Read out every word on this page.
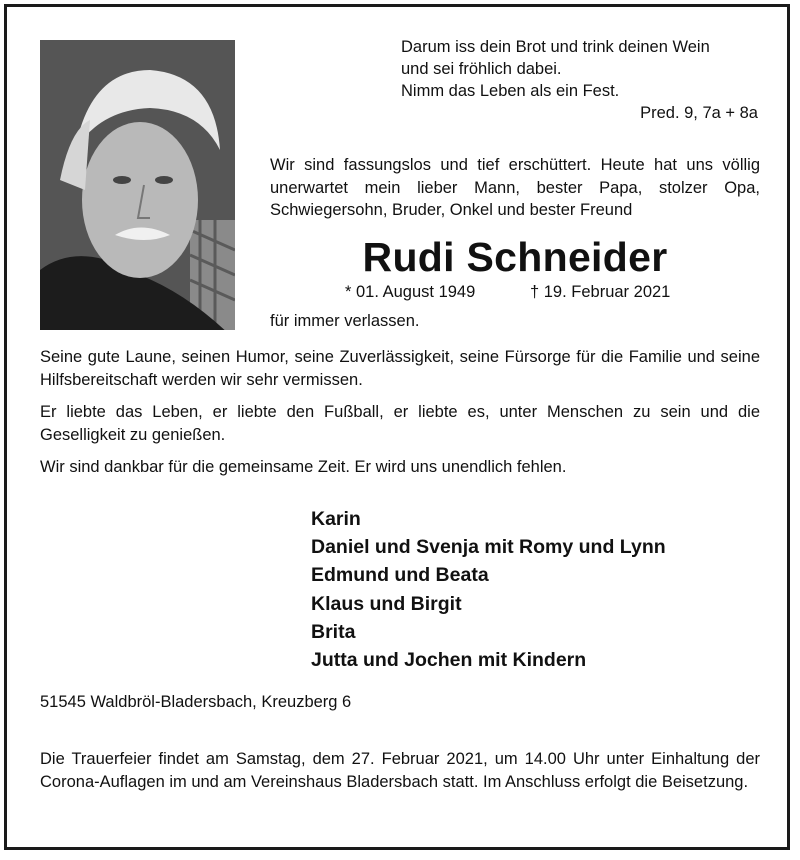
Darum iss dein Brot und trink deinen Wein
und sei fröhlich dabei.
Nimm das Leben als ein Fest.
Pred. 9, 7a + 8a

Wir sind fassungslos und tief erschüttert. Heute hat uns völlig unerwartet mein lieber Mann, bester Papa, stolzer Opa, Schwiegersohn, Bruder, Onkel und bester Freund

Rudi Schneider
* 01. August 1949	† 19. Februar 2021
für immer verlassen.

Seine gute Laune, seinen Humor, seine Zuverlässigkeit, seine Fürsorge für die Familie und seine Hilfsbereitschaft werden wir sehr vermissen.

Er liebte das Leben, er liebte den Fußball, er liebte es, unter Menschen zu sein und die Geselligkeit zu genießen.

Wir sind dankbar für die gemeinsame Zeit. Er wird uns unendlich fehlen.

Karin
Daniel und Svenja mit Romy und Lynn
Edmund und Beata
Klaus und Birgit
Brita
Jutta und Jochen mit Kindern
51545 Waldbröl-Bladersbach, Kreuzberg 6

Die Trauerfeier findet am Samstag, dem 27. Februar 2021, um 14.00 Uhr unter Einhaltung der Corona-Auflagen im und am Vereinshaus Bladersbach statt. Im Anschluss erfolgt die Beisetzung.
